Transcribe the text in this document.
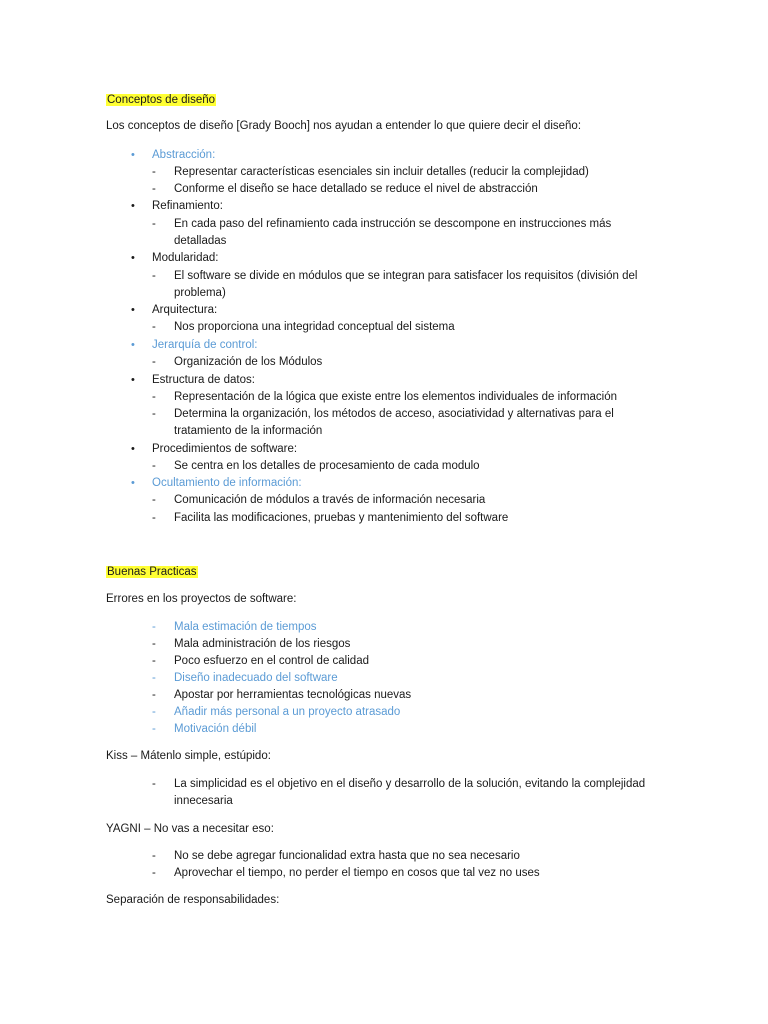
Conceptos de diseño
Los conceptos de diseño [Grady Booch] nos ayudan a entender lo que quiere decir el diseño:
•	Abstracción:
- Representar características esenciales sin incluir detalles (reducir la complejidad)
- Conforme el diseño se hace detallado se reduce el nivel de abstracción
•	Refinamiento:
- En cada paso del refinamiento cada instrucción se descompone en instrucciones más detalladas
•	Modularidad:
- El software se divide en módulos que se integran para satisfacer los requisitos (división del problema)
•	Arquitectura:
- Nos proporciona una integridad conceptual del sistema
•	Jerarquía de control:
- Organización de los Módulos
•	Estructura de datos:
- Representación de la lógica que existe entre los elementos individuales de información
- Determina la organización, los métodos de acceso, asociatividad y alternativas para el tratamiento de la información
•	Procedimientos de software:
- Se centra en los detalles de procesamiento de cada modulo
•	Ocultamiento de información:
- Comunicación de módulos a través de información necesaria
- Facilita las modificaciones, pruebas y mantenimiento del software
Buenas Practicas
Errores en los proyectos de software:
- Mala estimación de tiempos
- Mala administración de los riesgos
- Poco esfuerzo en el control de calidad
- Diseño inadecuado del software
- Apostar por herramientas tecnológicas nuevas
- Añadir más personal a un proyecto atrasado
- Motivación débil
Kiss – Mátenlo simple, estúpido:
- La simplicidad es el objetivo en el diseño y desarrollo de la solución, evitando la complejidad innecesaria
YAGNI – No vas a necesitar eso:
- No se debe agregar funcionalidad extra hasta que no sea necesario
- Aprovechar el tiempo, no perder el tiempo en cosos que tal vez no uses
Separación de responsabilidades:
